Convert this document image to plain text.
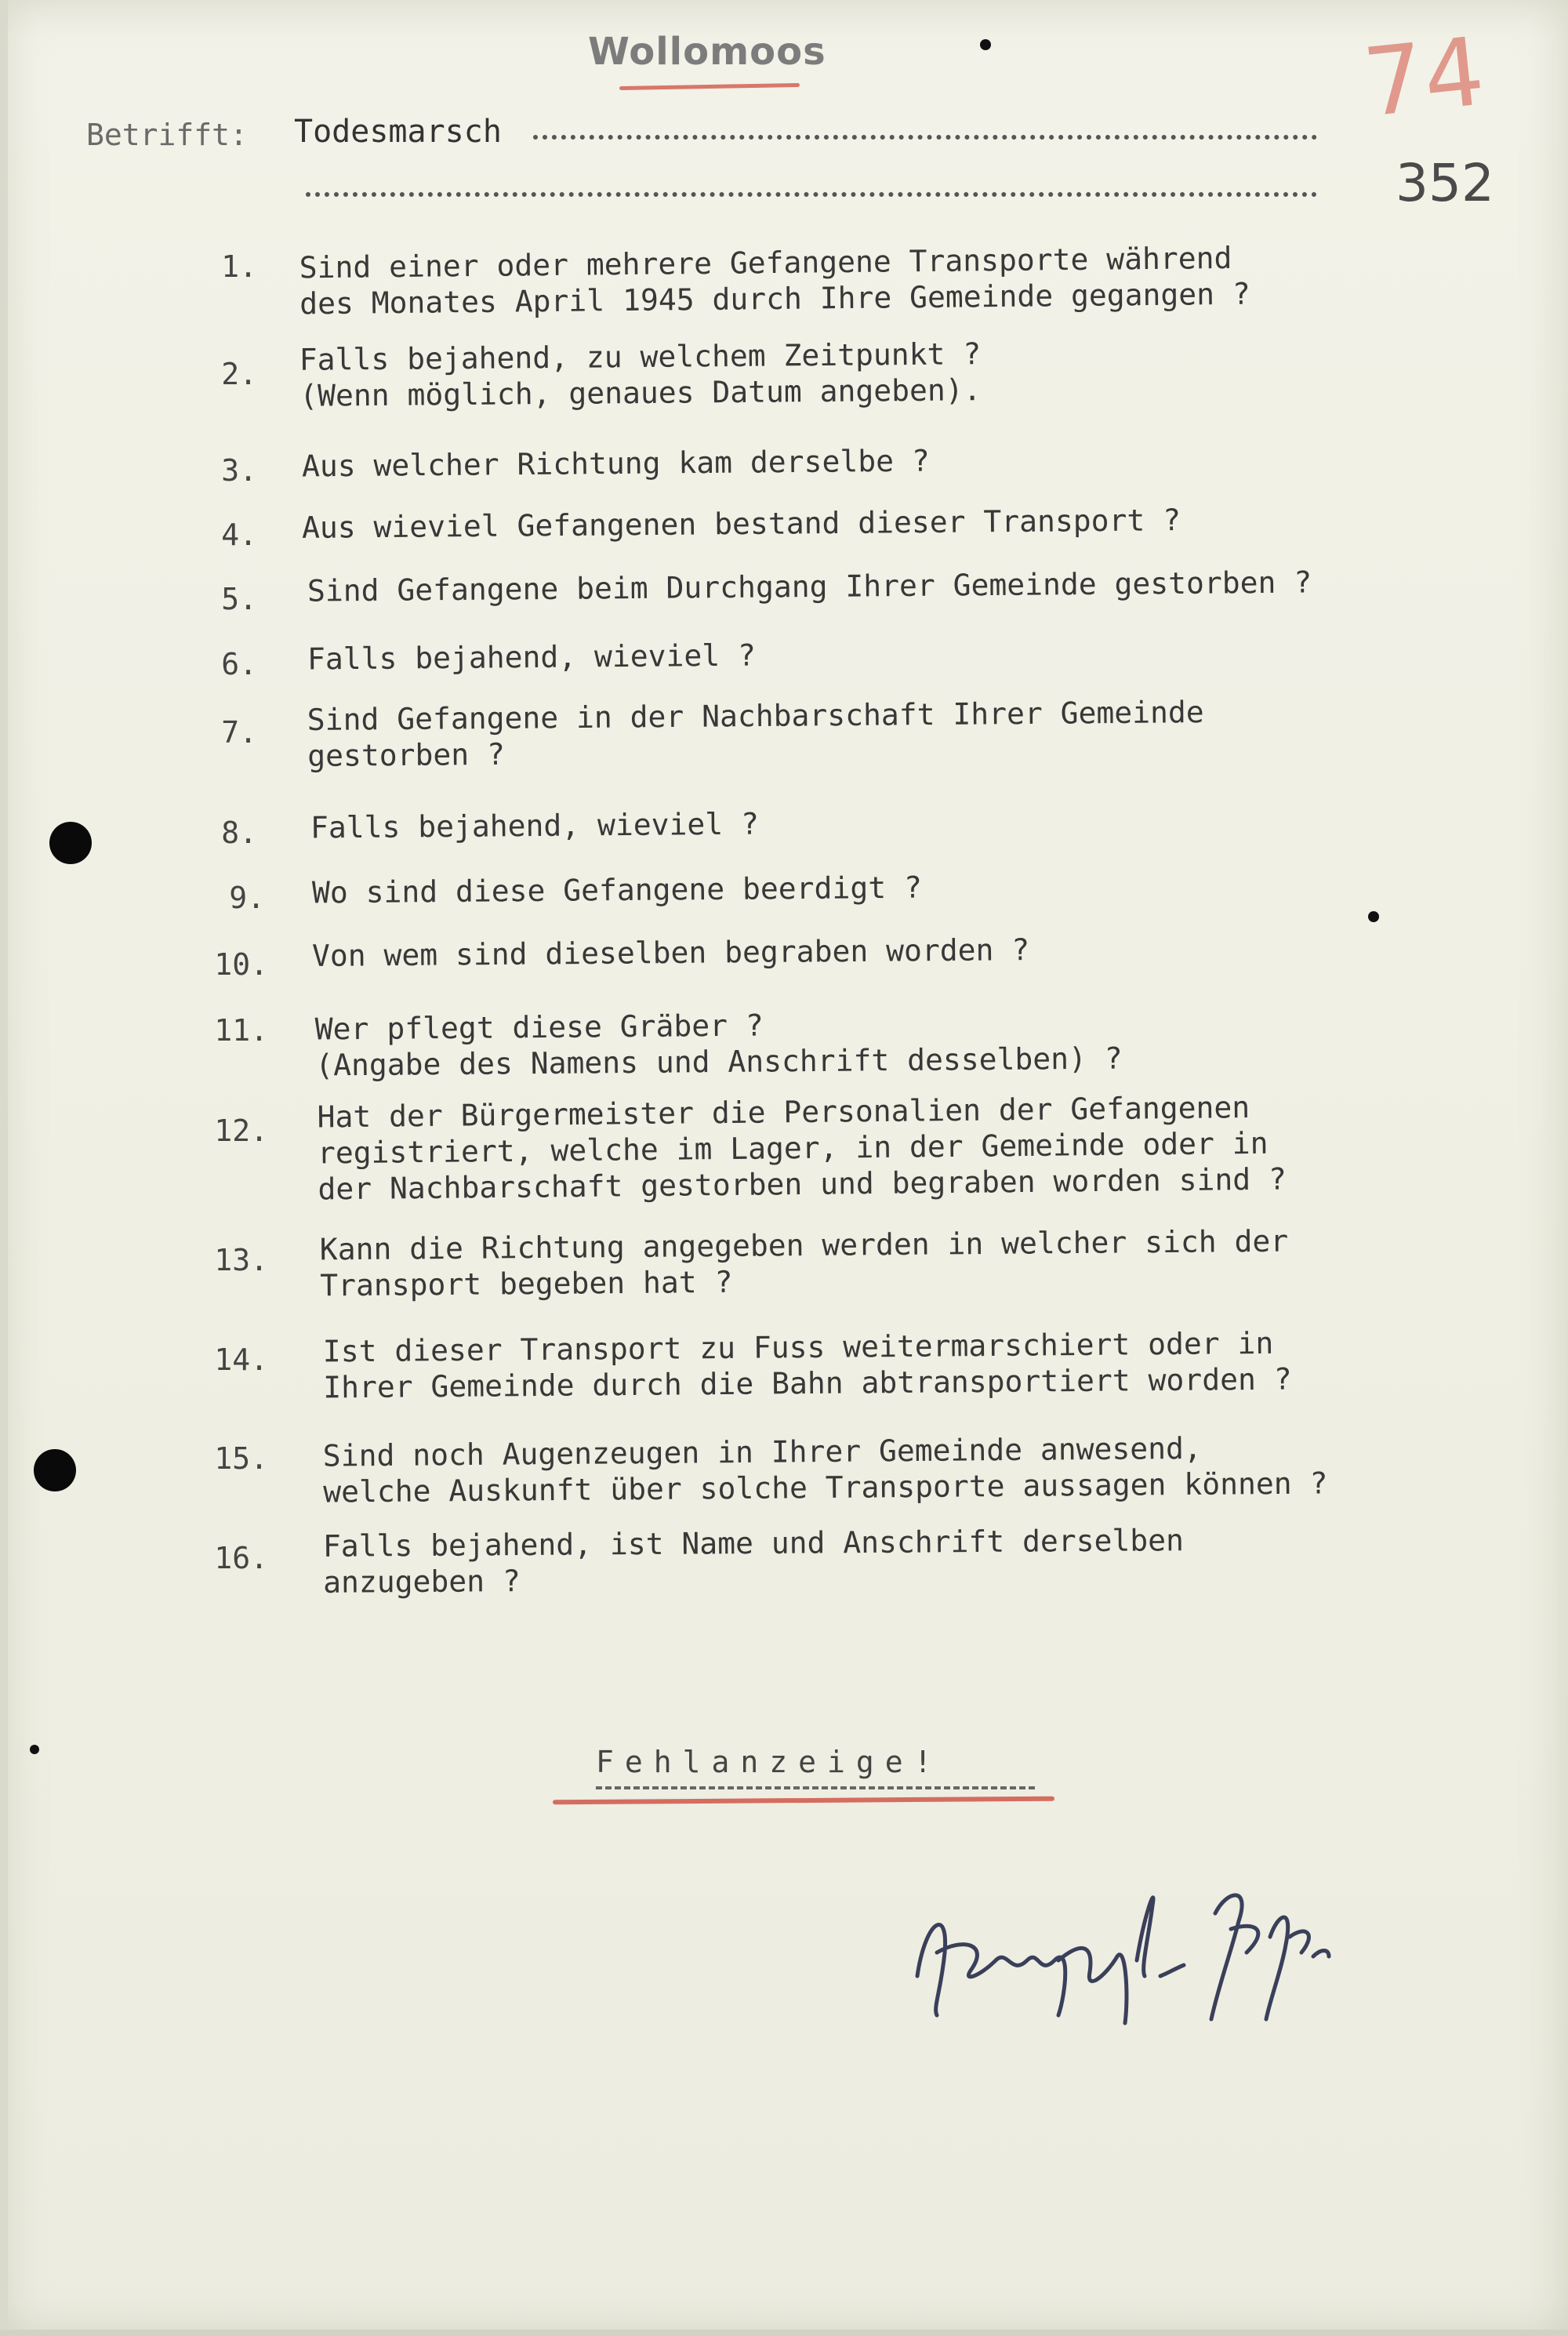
Wollomoos	74
352
Betrifft: Todesmarsch
1. Sind einer oder mehrere Gefangene Transporte während
des Monates April 1945 durch Ihre Gemeinde gegangen ?
2. Falls bejahend, zu welchem Zeitpunkt ?
(Wenn möglich, genaues Datum angeben).
3. Aus welcher Richtung kam derselbe ?
4. Aus wieviel Gefangenen bestand dieser Transport ?
5. Sind Gefangene beim Durchgang Ihrer Gemeinde gestorben ?
6. Falls bejahend, wieviel ?
7. Sind Gefangene in der Nachbarschaft Ihrer Gemeinde
gestorben ?
8. Falls bejahend, wieviel ?
9. Wo sind diese Gefangene beerdigt ?
10. Von wem sind dieselben begraben worden ?
11. Wer pflegt diese Gräber ?
(Angabe des Namens und Anschrift desselben) ?
12. Hat der Bürgermeister die Personalien der Gefangenen
registriert, welche im Lager, in der Gemeinde oder in
der Nachbarschaft gestorben und begraben worden sind ?
13. Kann die Richtung angegeben werden in welcher sich der
Transport begeben hat ?
14. Ist dieser Transport zu Fuss weitermarschiert oder in
Ihrer Gemeinde durch die Bahn abtransportiert worden ?
15. Sind noch Augenzeugen in Ihrer Gemeinde anwesend,
welche Auskunft über solche Transporte aussagen können ?
16. Falls bejahend, ist Name und Anschrift derselben
anzugeben ?
Fehlanzeige!
